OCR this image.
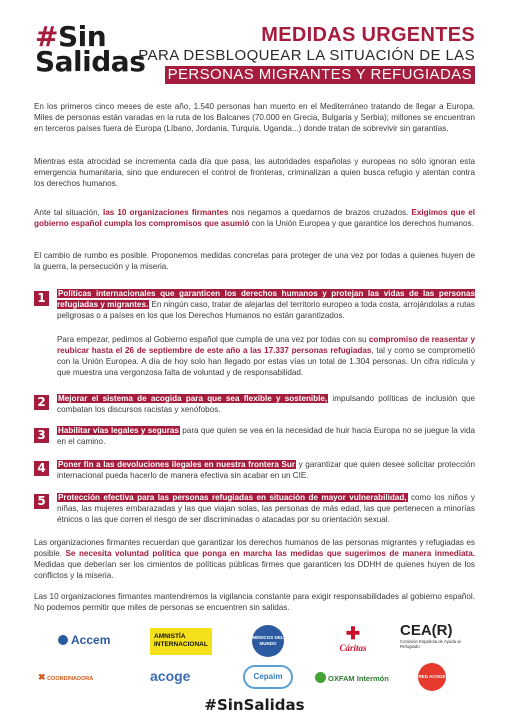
#Sin
Salidas
MEDIDAS URGENTES
PARA DESBLOQUEAR LA SITUACIÓN DE LAS
PERSONAS MIGRANTES Y REFUGIADAS
En los primeros cinco meses de este año, 1.540 personas han muerto en el Mediterráneo tratando de llegar a Europa. Miles de personas están varadas en la ruta de los Balcanes (70.000 en Grecia, Bulgaria y Serbia); millones se encuentran en terceros países fuera de Europa (Líbano, Jordania, Turquía, Uganda...) donde tratan de sobrevivir sin garantías.
Mientras esta atrocidad se incrementa cada día que pasa, las autoridades españolas y europeas no sólo ignoran esta emergencia humanitaria, sino que endurecen el control de fronteras, criminalizan a quien busca refugio y atentan contra los derechos humanos.
Ante tal situación, las 10 organizaciones firmantes nos negamos a quedarnos de brazos cruzados. Exigimos que el gobierno español cumpla los compromisos que asumió con la Unión Europea y que garantice los derechos humanos.
El cambio de rumbo es posible. Proponemos medidas concretas para proteger de una vez por todas a quienes huyen de la guerra, la persecución y la miseria.
1	Políticas internacionales que garanticen los derechos humanos y protejan las vidas de las personas refugiadas y migrantes. En ningún caso, tratar de alejarlas del territorio europeo a toda costa, arrojándolas a rutas peligrosas o a países en los que los Derechos Humanos no están garantizados.
Para empezar, pedimos al Gobierno español que cumpla de una vez por todas con su compromiso de reasentar y reubicar hasta el 26 de septiembre de este año a las 17.337 personas refugiadas, tal y como se comprometió con la Unión Europea. A día de hoy solo han llegado por estas vías un total de 1.304 personas. Un cifra ridícula y que muestra una vergonzosa falta de voluntad y de responsabilidad.
2	Mejorar el sistema de acogida para que sea flexible y sostenible, impulsando políticas de inclusión que combatan los discursos racistas y xenófobos.
3	Habilitar vías legales y seguras para que quien se vea en la necesidad de huir hacia Europa no se juegue la vida en el camino.
4	Poner fin a las devoluciones ilegales en nuestra frontera Sur y garantizar que quien desee solicitar protección internacional pueda hacerlo de manera efectiva sin acabar en un CIE.
5	Protección efectiva para las personas refugiadas en situación de mayor vulnerabilidad, como los niños y niñas, las mujeres embarazadas y las que viajan solas, las personas de más edad, las que pertenecen a minorías étnicos o las que corren el riesgo de ser discriminadas o atacadas por su orientación sexual.
Las organizaciones firmantes recuerdan que garantizar los derechos humanos de las personas migrantes y refugiadas es posible. Se necesita voluntad política que ponga en marcha las medidas que sugerimos de manera inmediata. Medidas que deberían ser los cimientos de políticas públicas firmes que garanticen los DDHH de quienes huyen de los conflictos y la miseria.
Las 10 organizaciones firmantes mantendremos la vigilancia constante para exigir responsabilidades al gobierno español. No podemos permitir que miles de personas se encuentren sin salidas.
Accem	AMNISTÍA
INTERNACIONAL
MÉDICOS DEL MUNDO
✚
Cáritas
CEA(R)
Comisión Española de Ayuda al Refugiado
✖ COORDINADORA	acoge	Cepaim	OXFAM Intermón	RED ACOGE
#SinSalidas
